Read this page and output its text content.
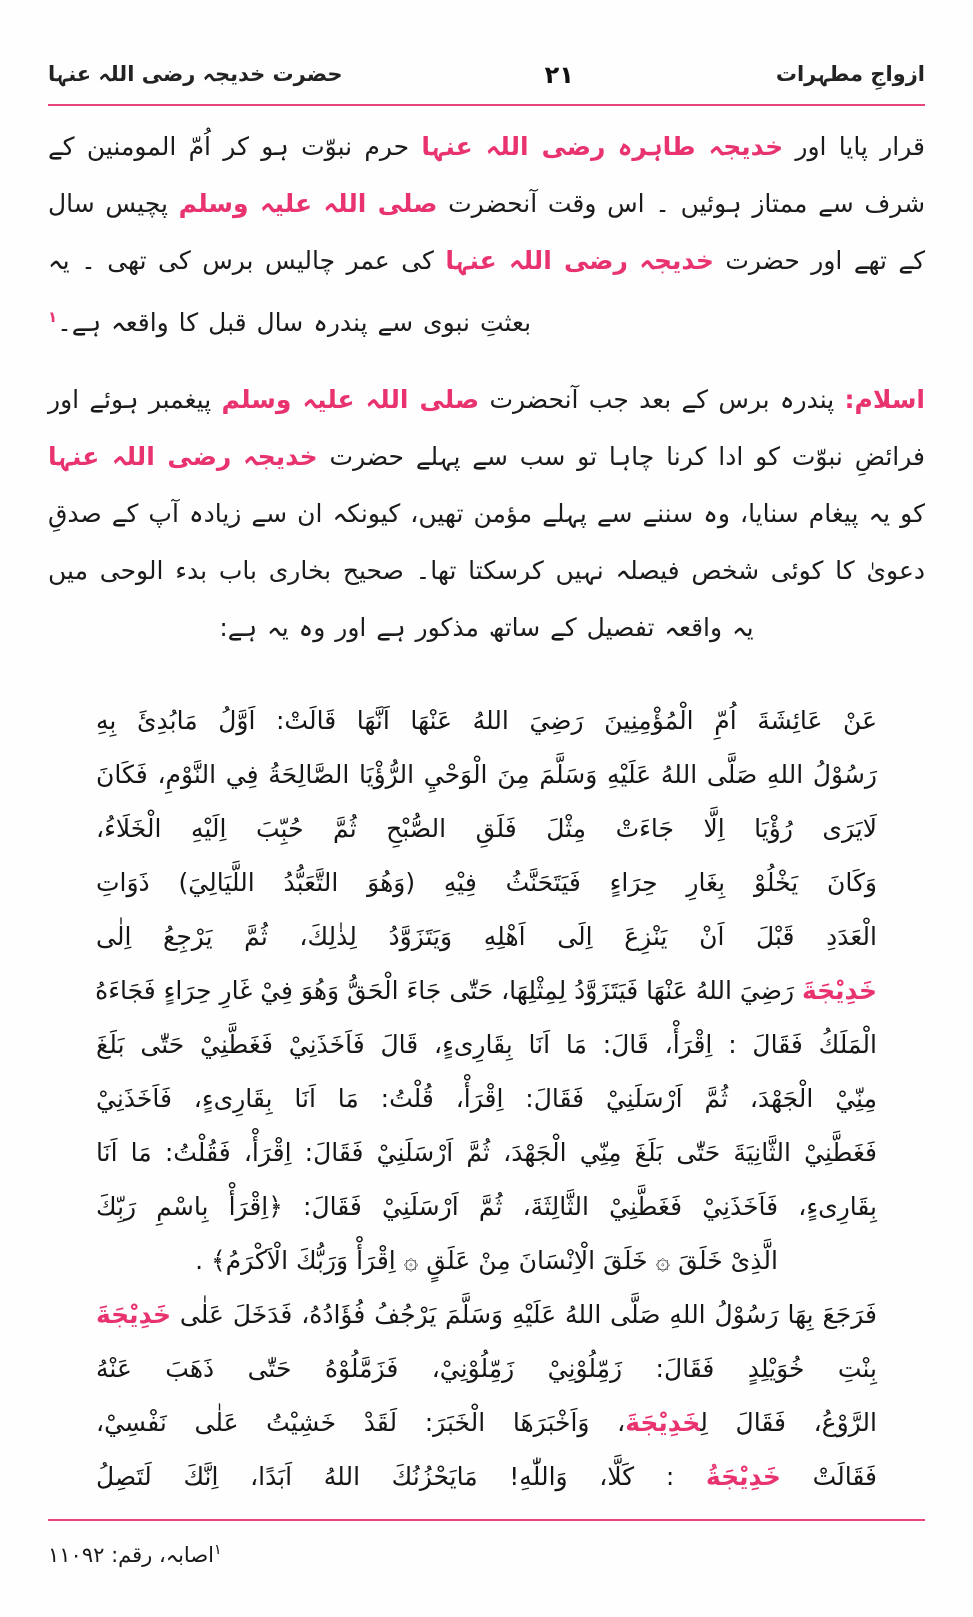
ازواجِ مطہرات
۲۱
حضرت خدیجہ رضی اللہ عنہا

قرار پایا اور خدیجہ طاہرہ رضی اللہ عنہا حرم نبوّت ہو کر اُمّ المومنین کے شرف سے ممتاز ہوئیں ۔ اس وقت آنحضرت صلی اللہ علیہ وسلم پچیس سال کے تھے اور حضرت خدیجہ رضی اللہ عنہا کی عمر چالیس برس کی تھی ۔ یہ بعثتِ نبوی سے پندرہ سال قبل کا واقعہ ہے۔$^۱$

اسلام: پندرہ برس کے بعد جب آنحضرت صلی اللہ علیہ وسلم پیغمبر ہوئے اور فرائضِ نبوّت کو ادا کرنا چاہا تو سب سے پہلے حضرت خدیجہ رضی اللہ عنہا کو یہ پیغام سنایا، وہ سننے سے پہلے مؤمن تھیں، کیونکہ ان سے زیادہ آپ کے صدقِ دعویٰ کا کوئی شخص فیصلہ نہیں کرسکتا تھا۔ صحیح بخاری باب بدء الوحی میں یہ واقعہ تفصیل کے ساتھ مذکور ہے اور وہ یہ ہے:

عَنْ عَائِشَةَ اُمِّ الْمُؤْمِنِينَ رَضِيَ اللهُ عَنْهَا اَنَّهَا قَالَتْ: اَوَّلُ مَابُدِئَ بِهِ
رَسُوْلُ اللهِ صَلَّى اللهُ عَلَيْهِ وَسَلَّمَ مِنَ الْوَحْيِ الرُّؤْيَا الصَّالِحَةُ فِي النَّوْمِ، فَكَانَ
لَايَرَى رُؤْيَا اِلَّا جَاءَتْ مِثْلَ فَلَقِ الصُّبْحِ ثُمَّ حُبِّبَ اِلَيْهِ الْخَلَاءُ،
وَكَانَ يَخْلُوْ بِغَارِ حِرَاءٍ فَيَتَحَنَّثُ فِيْهِ (وَهُوَ التَّعَبُّدُ اللَّيَالِيَ) ذَوَاتِ
الْعَدَدِ قَبْلَ اَنْ يَنْزِعَ اِلَى اَهْلِهِ وَيَتَزَوَّدُ لِذٰلِكَ، ثُمَّ يَرْجِعُ اِلٰى
خَدِيْجَةَ رَضِيَ اللهُ عَنْهَا فَيَتَزَوَّدُ لِمِثْلِهَا، حَتّٰى جَاءَ الْحَقُّ وَهُوَ فِيْ غَارِ حِرَاءٍ فَجَاءَهُ
الْمَلَكُ فَقَالَ : اِقْرَأْ، قَالَ: مَا اَنَا بِقَارِیءٍ، قَالَ فَاَخَذَنِيْ فَغَطَّنِيْ حَتّٰى بَلَغَ
مِنِّيْ الْجَهْدَ، ثُمَّ اَرْسَلَنِيْ فَقَالَ: اِقْرَأْ، قُلْتُ: مَا اَنَا بِقَارِیءٍ، فَاَخَذَنِيْ
فَغَطَّنِيْ الثَّانِيَةَ حَتّٰى بَلَغَ مِنِّي الْجَهْدَ، ثُمَّ اَرْسَلَنِيْ فَقَالَ: اِقْرَأْ، فَقُلْتُ: مَا اَنَا
بِقَارِیءٍ، فَاَخَذَنِيْ فَغَطَّنِيْ الثَّالِثَةَ، ثُمَّ اَرْسَلَنِيْ فَقَالَ: ﴿اِقْرَأْ بِاسْمِ رَبِّكَ
الَّذِىْ خَلَقَ ۞ خَلَقَ الْاِنْسَانَ مِنْ عَلَقٍ ۞ اِقْرَأْ وَرَبُّكَ الْاَكْرَمُ﴾ .
فَرَجَعَ بِهَا رَسُوْلُ اللهِ صَلَّى اللهُ عَلَيْهِ وَسَلَّمَ يَرْجُفُ فُؤَادُهُ، فَدَخَلَ عَلٰى خَدِيْجَةَ
بِنْتِ خُوَيْلِدٍ فَقَالَ: زَمِّلُوْنِيْ زَمِّلُوْنِيْ، فَزَمَّلُوْهُ حَتّٰى ذَهَبَ عَنْهُ
الرَّوْعُ، فَقَالَ لِخَدِيْجَةَ، وَاَخْبَرَهَا الْخَبَرَ: لَقَدْ خَشِيْتُ عَلٰى نَفْسِيْ،
فَقَالَتْ خَدِيْجَةُ : كَلَّا، وَاللّٰهِ! مَايَحْزُنُكَ اللهُ اَبَدًا، اِنَّكَ لَتَصِلُ
$^۱$اصابہ، رقم: ۱۱۰۹۲
